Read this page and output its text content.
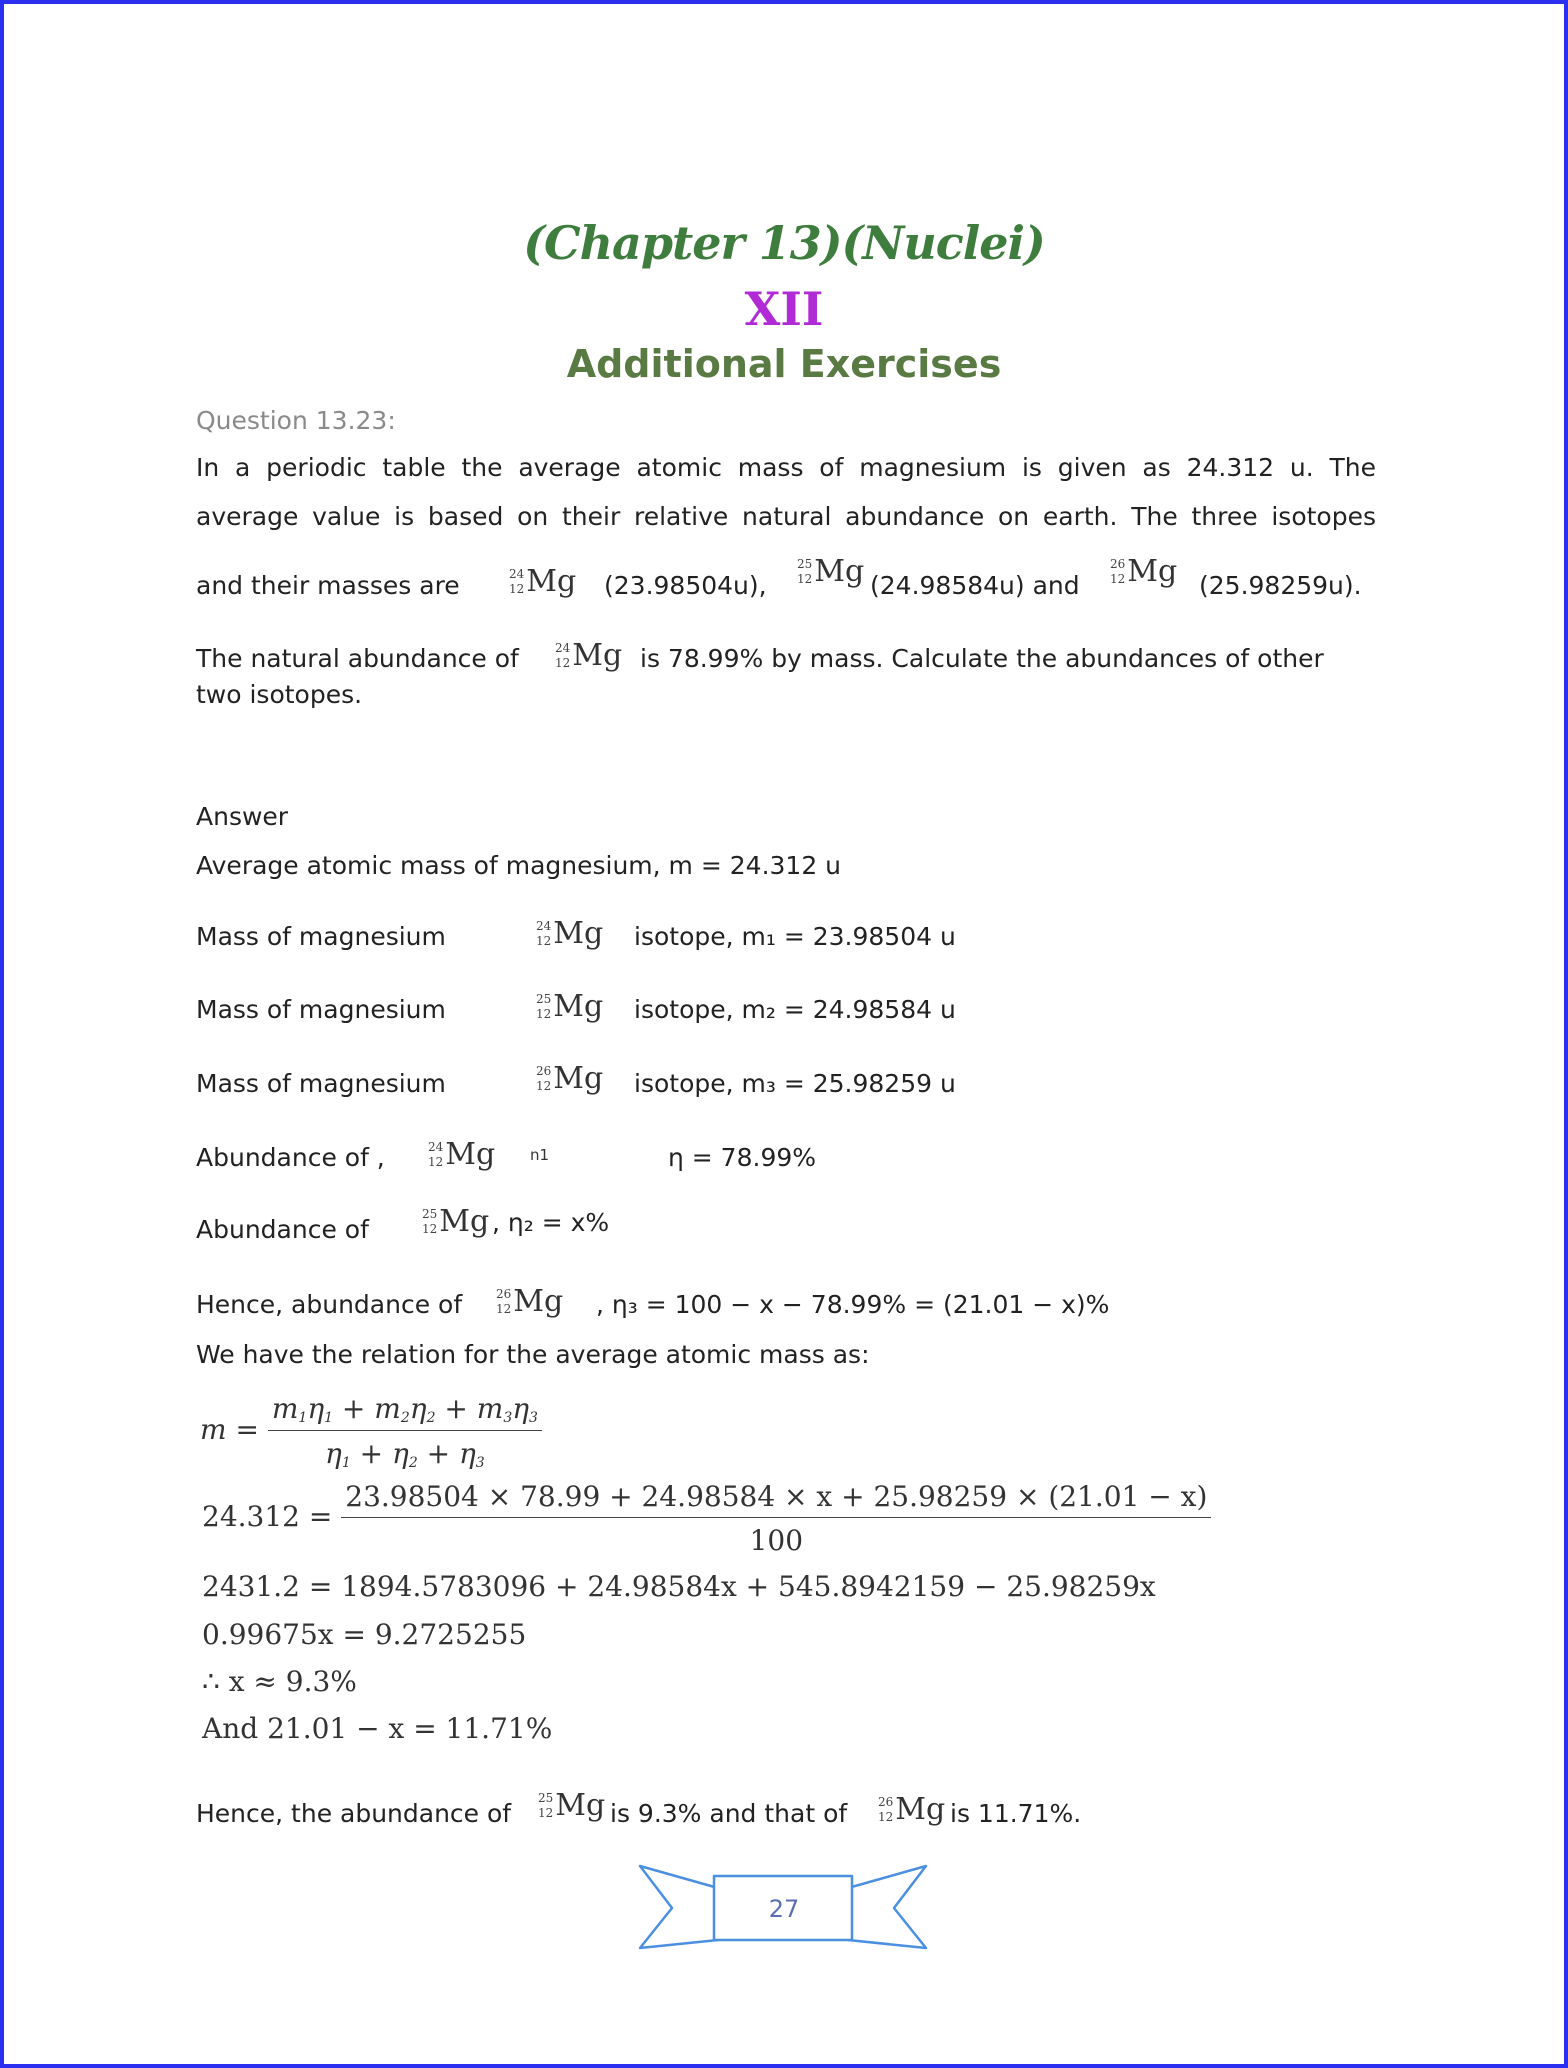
(Chapter 13)(Nuclei)
XII
Additional Exercises
Question 13.23:
In a periodic table the average atomic mass of magnesium is given as 24.312 u. The
average value is based on their relative natural abundance on earth. The three isotopes
and their masses are	24
12 Mg (23.98504u),
25
12 Mg (24.98584u) and
26
12 Mg (25.98259u).
The natural abundance of	24
12 Mg is 78.99% by mass. Calculate the abundances of other
two isotopes.
Answer
Average atomic mass of magnesium, m = 24.312 u
Mass of magnesium	24
12 Mg isotope, m₁ = 23.98504 u
Mass of magnesium	25
12 Mg isotope, m₂ = 24.98584 u
Mass of magnesium	26
12 Mg isotope, m₃ = 25.98259 u
Abundance of ,	24
12 Mg n1	η = 78.99%
Abundance of
25
12 Mg , η₂ = x%
Hence, abundance of	26
12 Mg , η₃ = 100 − x − 78.99% = (21.01 − x)%
We have the relation for the average atomic mass as:
$m = \frac{m_1\eta_1 + m_2\eta_2 + m_3\eta_3}{\eta_1 + \eta_2 + \eta_3}$
$24.312 = \frac{23.98504 \times 78.99 + 24.98584 \times x + 25.98259 \times (21.01 - x)}{100}$
2431.2 = 1894.5783096 + 24.98584x + 545.8942159 − 25.98259x
0.99675x = 9.2725255
∴ x ≈ 9.3%
And 21.01 − x = 11.71%
Hence, the abundance of
25
12 Mg is 9.3% and that of	26
12 Mg is 11.71%.
27
